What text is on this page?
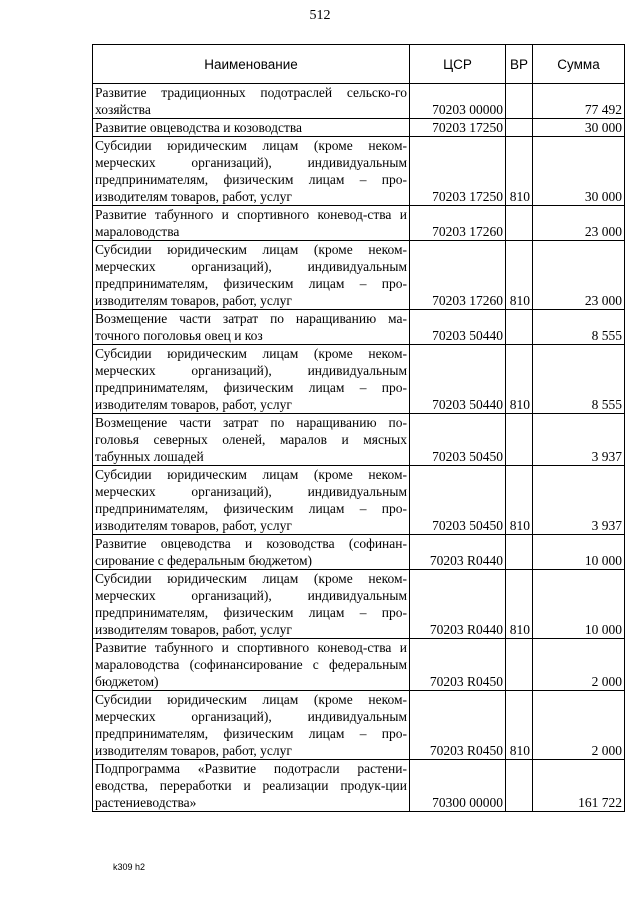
512
Наименование	ЦСР	ВР	Сумма
Развитие традиционных подотраслей сельско-го хозяйства	70203 00000		77 492
Развитие овцеводства и козоводства	70203 17250		30 000
Субсидии юридическим лицам (кроме неком-мерческих организаций), индивидуальным предпринимателям, физическим лицам – про-изводителям товаров, работ, услуг	70203 17250	810	30 000
Развитие табунного и спортивного коневод-ства и мараловодства	70203 17260		23 000
Субсидии юридическим лицам (кроме неком-мерческих организаций), индивидуальным предпринимателям, физическим лицам – про-изводителям товаров, работ, услуг	70203 17260	810	23 000
Возмещение части затрат по наращиванию ма-точного поголовья овец и коз	70203 50440		8 555
Субсидии юридическим лицам (кроме неком-мерческих организаций), индивидуальным предпринимателям, физическим лицам – про-изводителям товаров, работ, услуг	70203 50440	810	8 555
Возмещение части затрат по наращиванию по-головья северных оленей, маралов и мясных табунных лошадей	70203 50450		3 937
Субсидии юридическим лицам (кроме неком-мерческих организаций), индивидуальным предпринимателям, физическим лицам – про-изводителям товаров, работ, услуг	70203 50450	810	3 937
Развитие овцеводства и козоводства (софинан-сирование с федеральным бюджетом)	70203 R0440		10 000
Субсидии юридическим лицам (кроме неком-мерческих организаций), индивидуальным предпринимателям, физическим лицам – про-изводителям товаров, работ, услуг	70203 R0440	810	10 000
Развитие табунного и спортивного коневод-ства и мараловодства (софинансирование с федеральным бюджетом)	70203 R0450		2 000
Субсидии юридическим лицам (кроме неком-мерческих организаций), индивидуальным предпринимателям, физическим лицам – про-изводителям товаров, работ, услуг	70203 R0450	810	2 000
Подпрограмма «Развитие подотрасли растени-еводства, переработки и реализации продук-ции растениеводства»	70300 00000		161 722
k309 h2
